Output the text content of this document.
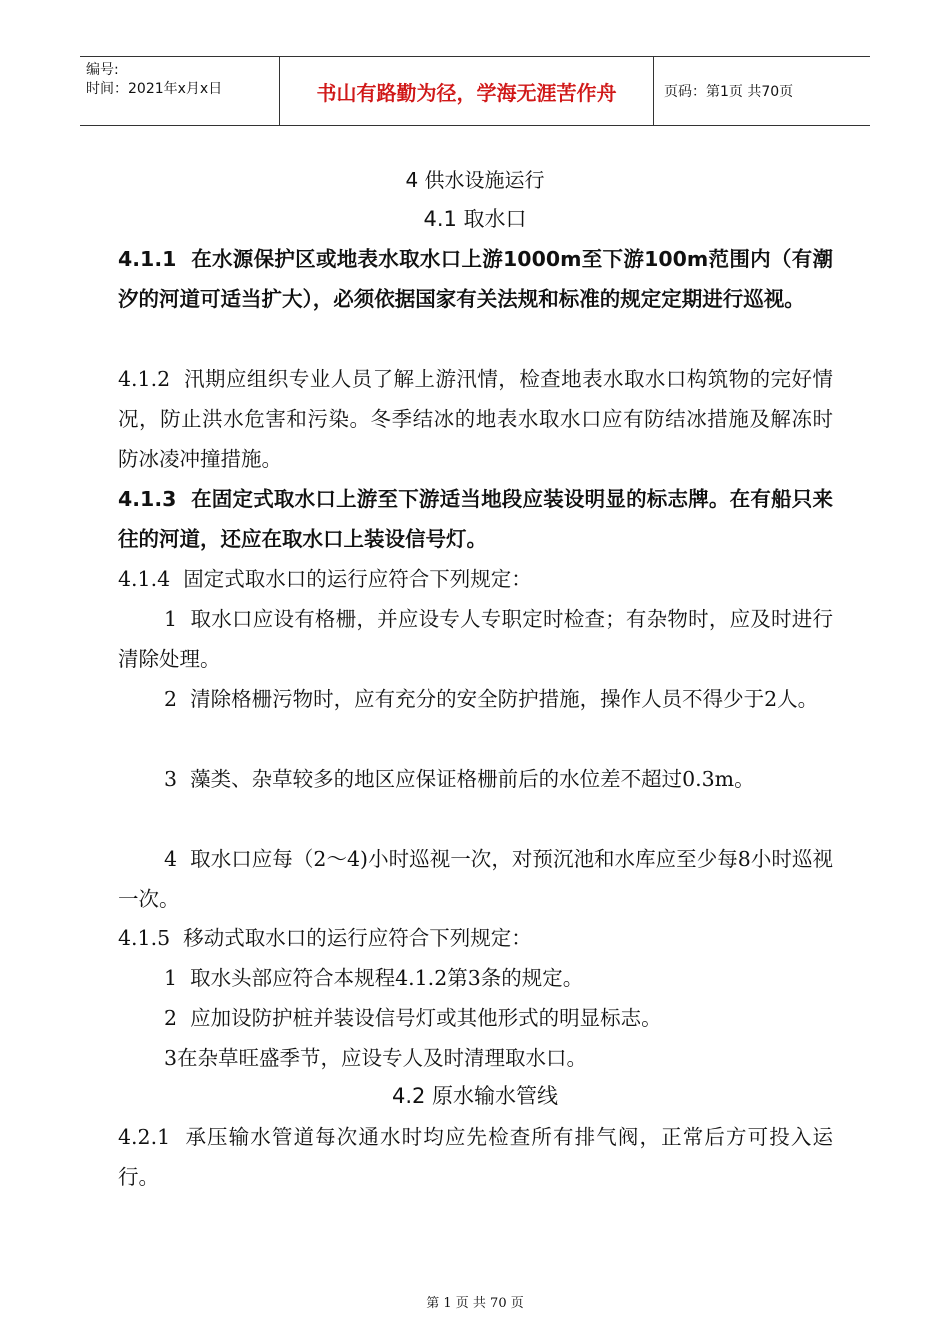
编号:
时间：2021年x月x日	书山有路勤为径，学海无涯苦作舟	页码：第1页 共70页
4 供水设施运行
4.1 取水口
4.1.1  在水源保护区或地表水取水口上游1000m至下游100m范围内（有潮汐的河道可适当扩大），必须依据国家有关法规和标准的规定定期进行巡视。
4.1.2  汛期应组织专业人员了解上游汛情，检查地表水取水口构筑物的完好情况，防止洪水危害和污染。冬季结冰的地表水取水口应有防结冰措施及解冻时防冰凌冲撞措施。
4.1.3  在固定式取水口上游至下游适当地段应装设明显的标志牌。在有船只来往的河道，还应在取水口上装设信号灯。
4.1.4  固定式取水口的运行应符合下列规定：
1  取水口应设有格栅，并应设专人专职定时检查；有杂物时，应及时进行清除处理。
2  清除格栅污物时，应有充分的安全防护措施，操作人员不得少于2人。
3  藻类、杂草较多的地区应保证格栅前后的水位差不超过0.3m。
4  取水口应每（2～4)小时巡视一次，对预沉池和水库应至少每8小时巡视一次。
4.1.5  移动式取水口的运行应符合下列规定：
1  取水头部应符合本规程4.1.2第3条的规定。
2  应加设防护桩并装设信号灯或其他形式的明显标志。
3在杂草旺盛季节，应设专人及时清理取水口。
4.2 原水输水管线
4.2.1  承压输水管道每次通水时均应先检查所有排气阀，正常后方可投入运行。
第 1 页 共 70 页
